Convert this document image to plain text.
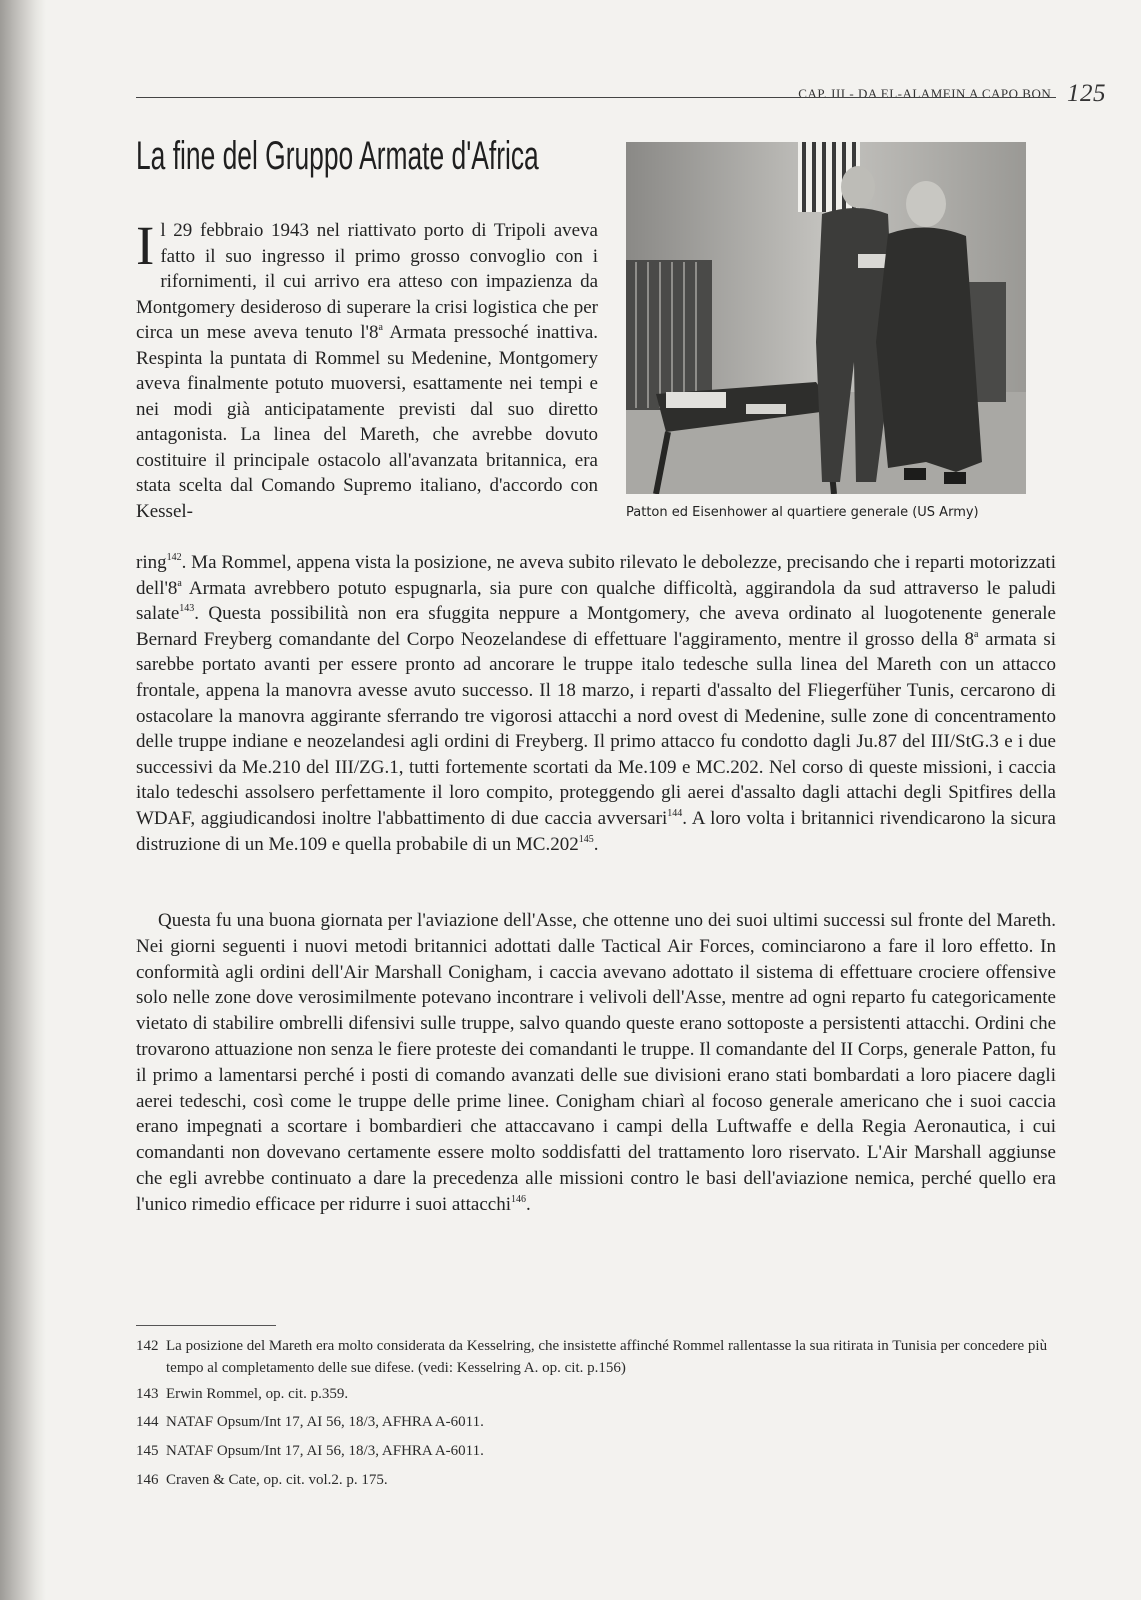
CAP. III - DA EL-ALAMEIN A CAPO BON 125
La fine del Gruppo Armate d'Africa
Patton ed Eisenhower al quartiere generale (US Army)

Il 29 febbraio 1943 nel riattivato porto di Tripoli aveva fatto il suo ingresso il primo grosso convoglio con i rifornimenti, il cui arrivo era atteso con impazienza da Montgomery desideroso di superare la crisi logistica che per circa un mese aveva tenuto l'8$^a$ Armata pressoché inattiva. Respinta la puntata di Rommel su Medenine, Montgomery aveva finalmente potuto muoversi, esattamente nei tempi e nei modi già anticipatamente previsti dal suo diretto antagonista. La linea del Mareth, che avrebbe dovuto costituire il principale ostacolo all'avanzata britannica, era stata scelta dal Comando Supremo italiano, d'accordo con Kessel-

ring$^{142}$. Ma Rommel, appena vista la posizione, ne aveva subito rilevato le debolezze, precisando che i reparti motorizzati dell'8$^a$ Armata avrebbero potuto espugnarla, sia pure con qualche difficoltà, aggirandola da sud attraverso le paludi salate$^{143}$. Questa possibilità non era sfuggita neppure a Montgomery, che aveva ordinato al luogotenente generale Bernard Freyberg comandante del Corpo Neozelandese di effettuare l'aggiramento, mentre il grosso della 8$^a$ armata si sarebbe portato avanti per essere pronto ad ancorare le truppe italo tedesche sulla linea del Mareth con un attacco frontale, appena la manovra avesse avuto successo. Il 18 marzo, i reparti d'assalto del Fliegerfüher Tunis, cercarono di ostacolare la manovra aggirante sferrando tre vigorosi attacchi a nord ovest di Medenine, sulle zone di concentramento delle truppe indiane e neozelandesi agli ordini di Freyberg. Il primo attacco fu condotto dagli Ju.87 del III/StG.3 e i due successivi da Me.210 del III/ZG.1, tutti fortemente scortati da Me.109 e MC.202. Nel corso di queste missioni, i caccia italo tedeschi assolsero perfettamente il loro compito, proteggendo gli aerei d'assalto dagli attachi degli Spitfires della WDAF, aggiudicandosi inoltre l'abbattimento di due caccia avversari$^{144}$. A loro volta i britannici rivendicarono la sicura distruzione di un Me.109 e quella probabile di un MC.202$^{145}$.

Questa fu una buona giornata per l'aviazione dell'Asse, che ottenne uno dei suoi ultimi successi sul fronte del Mareth. Nei giorni seguenti i nuovi metodi britannici adottati dalle Tactical Air Forces, cominciarono a fare il loro effetto. In conformità agli ordini dell'Air Marshall Conigham, i caccia avevano adottato il sistema di effettuare crociere offensive solo nelle zone dove verosimilmente potevano incontrare i velivoli dell'Asse, mentre ad ogni reparto fu categoricamente vietato di stabilire ombrelli difensivi sulle truppe, salvo quando queste erano sottoposte a persistenti attacchi. Ordini che trovarono attuazione non senza le fiere proteste dei comandanti le truppe. Il comandante del II Corps, generale Patton, fu il primo a lamentarsi perché i posti di comando avanzati delle sue divisioni erano stati bombardati a loro piacere dagli aerei tedeschi, così come le truppe delle prime linee. Conigham chiarì al focoso generale americano che i suoi caccia erano impegnati a scortare i bombardieri che attaccavano i campi della Luftwaffe e della Regia Aeronautica, i cui comandanti non dovevano certamente essere molto soddisfatti del trattamento loro riservato. L'Air Marshall aggiunse che egli avrebbe continuato a dare la precedenza alle missioni contro le basi dell'aviazione nemica, perché quello era l'unico rimedio efficace per ridurre i suoi attacchi$^{146}$.

142 La posizione del Mareth era molto considerata da Kesselring, che insistette affinché Rommel rallentasse la sua ritirata in Tunisia per concedere più tempo al completamento delle sue difese. (vedi: Kesselring A. op. cit. p.156)
143 Erwin Rommel, op. cit. p.359.
144 NATAF Opsum/Int 17, AI 56, 18/3, AFHRA A-6011.
145 NATAF Opsum/Int 17, AI 56, 18/3, AFHRA A-6011.
146 Craven & Cate, op. cit. vol.2. p. 175.
